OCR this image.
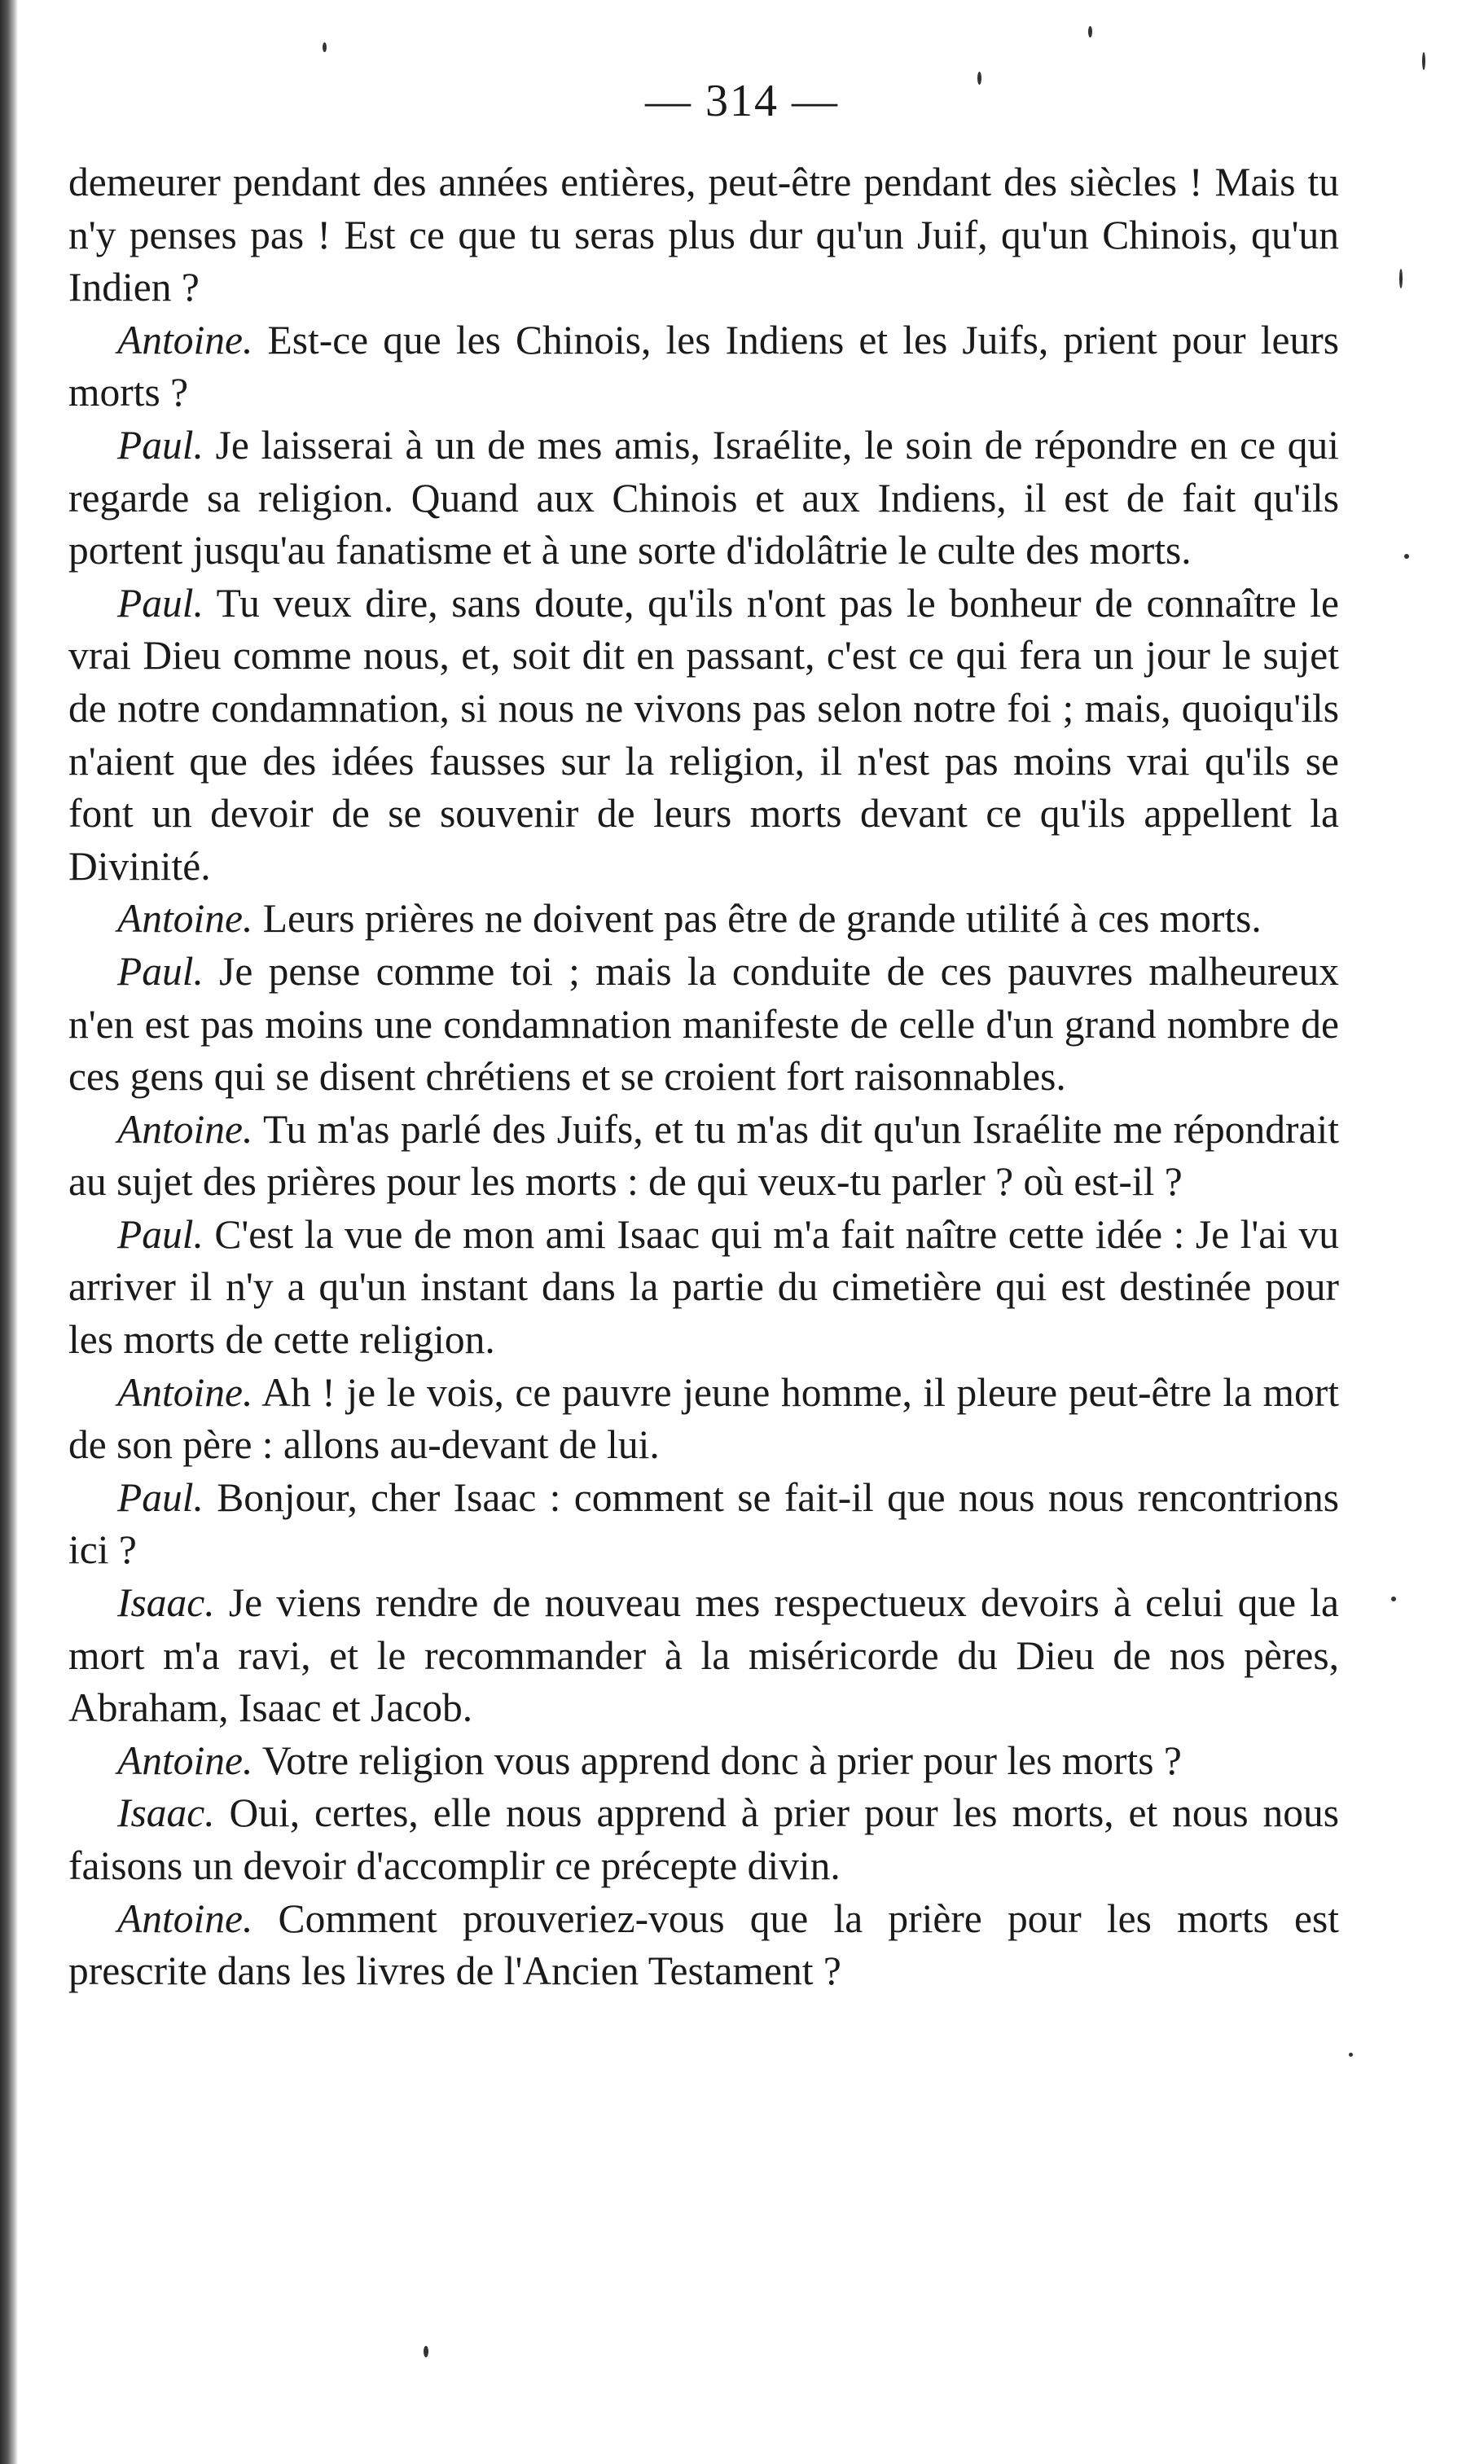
— 314 —

demeurer pendant des années entières, peut-être pendant des siècles ! Mais tu n'y penses pas ! Est ce que tu seras plus dur qu'un Juif, qu'un Chinois, qu'un Indien ?

Antoine. Est-ce que les Chinois, les Indiens et les Juifs, prient pour leurs morts ?

Paul. Je laisserai à un de mes amis, Israélite, le soin de répondre en ce qui regarde sa religion. Quand aux Chinois et aux Indiens, il est de fait qu'ils portent jusqu'au fanatisme et à une sorte d'idolâtrie le culte des morts.

Paul. Tu veux dire, sans doute, qu'ils n'ont pas le bonheur de connaître le vrai Dieu comme nous, et, soit dit en passant, c'est ce qui fera un jour le sujet de notre condamnation, si nous ne vivons pas selon notre foi ; mais, quoiqu'ils n'aient que des idées fausses sur la religion, il n'est pas moins vrai qu'ils se font un devoir de se souvenir de leurs morts devant ce qu'ils appellent la Divinité.

Antoine. Leurs prières ne doivent pas être de grande utilité à ces morts.

Paul. Je pense comme toi ; mais la conduite de ces pauvres malheureux n'en est pas moins une condamnation manifeste de celle d'un grand nombre de ces gens qui se disent chrétiens et se croient fort raisonnables.

Antoine. Tu m'as parlé des Juifs, et tu m'as dit qu'un Israélite me répondrait au sujet des prières pour les morts : de qui veux-tu parler ? où est-il ?

Paul. C'est la vue de mon ami Isaac qui m'a fait naître cette idée : Je l'ai vu arriver il n'y a qu'un instant dans la partie du cimetière qui est destinée pour les morts de cette religion.

Antoine. Ah ! je le vois, ce pauvre jeune homme, il pleure peut-être la mort de son père : allons au-devant de lui.

Paul. Bonjour, cher Isaac : comment se fait-il que nous nous rencontrions ici ?

Isaac. Je viens rendre de nouveau mes respectueux devoirs à celui que la mort m'a ravi, et le recommander à la miséricorde du Dieu de nos pères, Abraham, Isaac et Jacob.

Antoine. Votre religion vous apprend donc à prier pour les morts ?

Isaac. Oui, certes, elle nous apprend à prier pour les morts, et nous nous faisons un devoir d'accomplir ce précepte divin.

Antoine. Comment prouveriez-vous que la prière pour les morts est prescrite dans les livres de l'Ancien Testament ?
